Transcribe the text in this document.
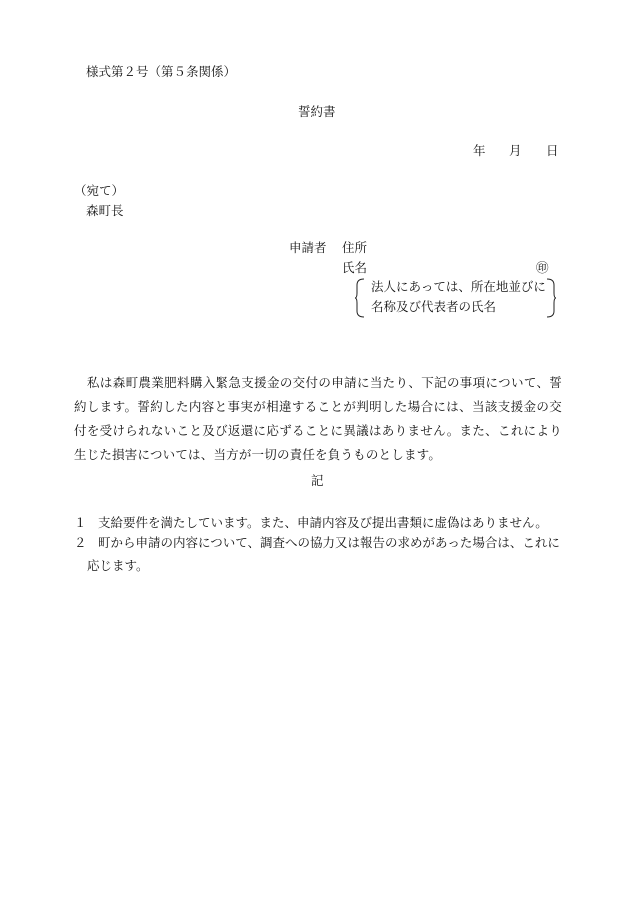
様式第２号（第５条関係）
誓約書
年 月 日
（宛て）
森町長
申請者 住所
氏名	㊞
法人にあっては、所在地並びに
名称及び代表者の氏名
私は森町農業肥料購入緊急支援金の交付の申請に当たり、下記の事項について、誓約します。誓約した内容と事実が相違することが判明した場合には、当該支援金の交付を受けられないこと及び返還に応ずることに異議はありません。また、これにより生じた損害については、当方が一切の責任を負うものとします。
記
１ 支給要件を満たしています。また、申請内容及び提出書類に虚偽はありません。
２ 町から申請の内容について、調査への協力又は報告の求めがあった場合は、これに応じます。
